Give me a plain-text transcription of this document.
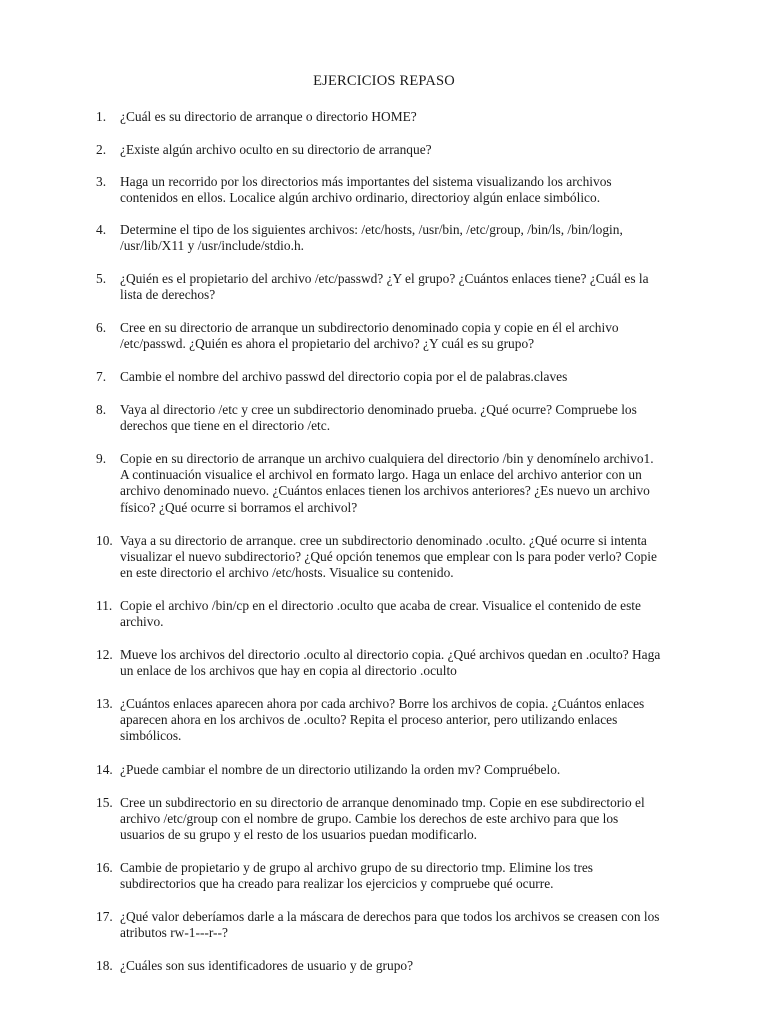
EJERCICIOS REPASO
1.	¿Cuál es su directorio de arranque o directorio HOME?
2.	¿Existe algún archivo oculto en su directorio de arranque?
3.	Haga un recorrido por los directorios más importantes del sistema visualizando los archivos
contenidos en ellos. Localice algún archivo ordinario, directorioy algún enlace simbólico.
4.	Determine el tipo de los siguientes archivos: /etc/hosts, /usr/bin, /etc/group, /bin/ls, /bin/login,
/usr/lib/X11 y /usr/include/stdio.h.
5.	¿Quién es el propietario del archivo /etc/passwd? ¿Y el grupo? ¿Cuántos enlaces tiene? ¿Cuál es la
lista de derechos?
6.	Cree en su directorio de arranque un subdirectorio denominado copia y copie en él el archivo
/etc/passwd. ¿Quién es ahora el propietario del archivo? ¿Y cuál es su grupo?
7.	Cambie el nombre del archivo passwd del directorio copia por el de palabras.claves
8.	Vaya al directorio /etc y cree un subdirectorio denominado prueba. ¿Qué ocurre? Compruebe los
derechos que tiene en el directorio /etc.
9.	Copie en su directorio de arranque un archivo cualquiera del directorio /bin y denomínelo archivo1.
A continuación visualice el archivol en formato largo. Haga un enlace del archivo anterior con un
archivo denominado nuevo. ¿Cuántos enlaces tienen los archivos anteriores? ¿Es nuevo un archivo
físico? ¿Qué ocurre si borramos el archivol?
10. Vaya a su directorio de arranque. cree un subdirectorio denominado .oculto. ¿Qué ocurre si intenta
visualizar el nuevo subdirectorio? ¿Qué opción tenemos que emplear con ls para poder verlo? Copie
en este directorio el archivo /etc/hosts. Visualice su contenido.
11. Copie el archivo /bin/cp en el directorio .oculto que acaba de crear. Visualice el contenido de este
archivo.
12. Mueve los archivos del directorio .oculto al directorio copia. ¿Qué archivos quedan en .oculto? Haga
un enlace de los archivos que hay en copia al directorio .oculto
13. ¿Cuántos enlaces aparecen ahora por cada archivo? Borre los archivos de copia. ¿Cuántos enlaces
aparecen ahora en los archivos de .oculto? Repita el proceso anterior, pero utilizando enlaces
simbólicos.
14. ¿Puede cambiar el nombre de un directorio utilizando la orden mv? Compruébelo.
15. Cree un subdirectorio en su directorio de arranque denominado tmp. Copie en ese subdirectorio el
archivo /etc/group con el nombre de grupo. Cambie los derechos de este archivo para que los
usuarios de su grupo y el resto de los usuarios puedan modificarlo.
16. Cambie de propietario y de grupo al archivo grupo de su directorio tmp. Elimine los tres
subdirectorios que ha creado para realizar los ejercicios y compruebe qué ocurre.
17. ¿Qué valor deberíamos darle a la máscara de derechos para que todos los archivos se creasen con los
atributos rw-1---r--?
18. ¿Cuáles son sus identificadores de usuario y de grupo?
